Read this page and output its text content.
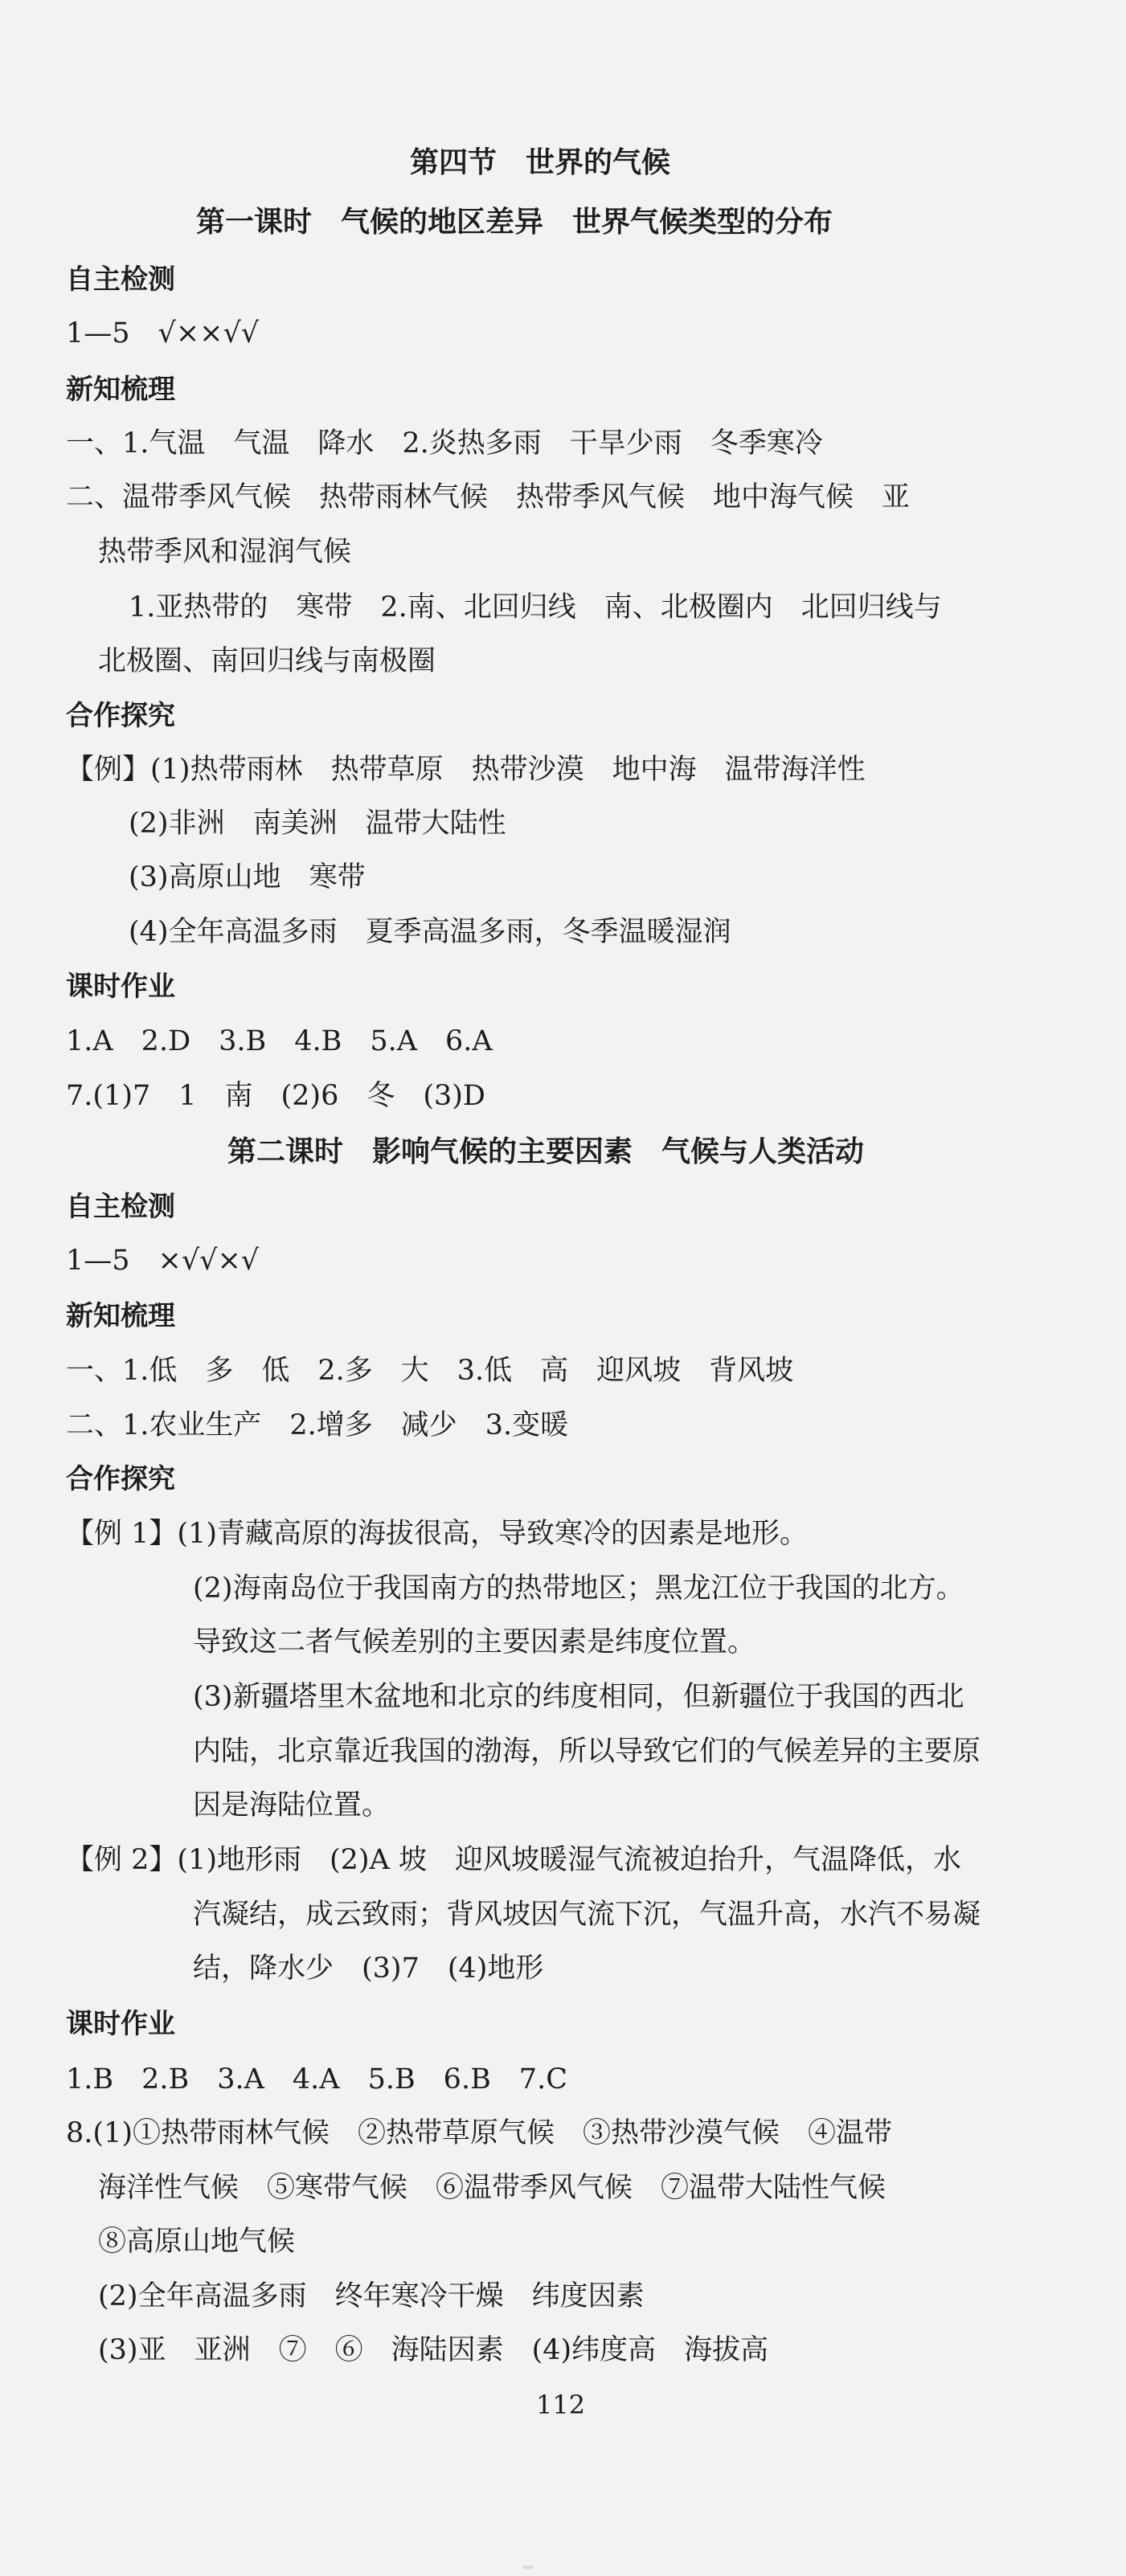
第四节　世界的气候
第一课时　气候的地区差异　世界气候类型的分布
自主检测
1—5　√××√√
新知梳理
一、1.气温　气温　降水　2.炎热多雨　干旱少雨　冬季寒冷
二、温带季风气候　热带雨林气候　热带季风气候　地中海气候　亚
热带季风和湿润气候
1.亚热带的　寒带　2.南、北回归线　南、北极圈内　北回归线与
北极圈、南回归线与南极圈
合作探究
【例】(1)热带雨林　热带草原　热带沙漠　地中海　温带海洋性
(2)非洲　南美洲　温带大陆性
(3)高原山地　寒带
(4)全年高温多雨　夏季高温多雨，冬季温暖湿润
课时作业
1.A　2.D　3.B　4.B　5.A　6.A
7.(1)7　1　南　(2)6　冬　(3)D
第二课时　影响气候的主要因素　气候与人类活动
自主检测
1—5　×√√×√
新知梳理
一、1.低　多　低　2.多　大　3.低　高　迎风坡　背风坡
二、1.农业生产　2.增多　减少　3.变暖
合作探究
【例 1】(1)青藏高原的海拔很高，导致寒冷的因素是地形。
(2)海南岛位于我国南方的热带地区；黑龙江位于我国的北方。
导致这二者气候差别的主要因素是纬度位置。
(3)新疆塔里木盆地和北京的纬度相同，但新疆位于我国的西北
内陆，北京靠近我国的渤海，所以导致它们的气候差异的主要原
因是海陆位置。
【例 2】(1)地形雨　(2)A 坡　迎风坡暖湿气流被迫抬升，气温降低，水
汽凝结，成云致雨；背风坡因气流下沉，气温升高，水汽不易凝
结，降水少　(3)7　(4)地形
课时作业
1.B　2.B　3.A　4.A　5.B　6.B　7.C
8.(1)①热带雨林气候　②热带草原气候　③热带沙漠气候　④温带
海洋性气候　⑤寒带气候　⑥温带季风气候　⑦温带大陆性气候
⑧高原山地气候
(2)全年高温多雨　终年寒冷干燥　纬度因素
(3)亚　亚洲　⑦　⑥　海陆因素　(4)纬度高　海拔高
112
